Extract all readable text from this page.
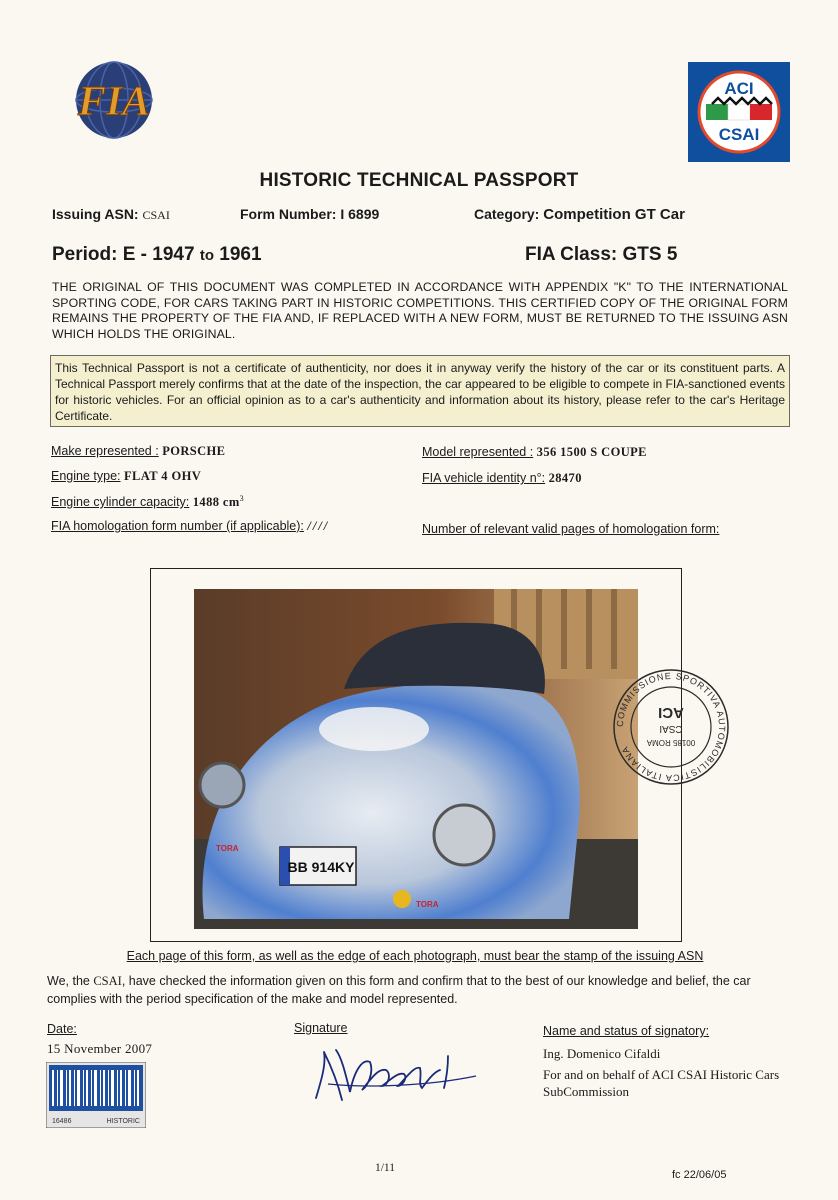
FIA	ACI
CSAI
HISTORIC TECHNICAL PASSPORT
Issuing ASN: CSAI	Form Number: I 6899	Category: Competition GT Car
Period: E - 1947 to 1961	FIA Class: GTS 5
THE ORIGINAL OF THIS DOCUMENT WAS COMPLETED IN ACCORDANCE WITH APPENDIX "K" TO THE INTERNATIONAL SPORTING CODE, FOR CARS TAKING PART IN HISTORIC COMPETITIONS. THIS CERTIFIED COPY OF THE ORIGINAL FORM REMAINS THE PROPERTY OF THE FIA AND, IF REPLACED WITH A NEW FORM, MUST BE RETURNED TO THE ISSUING ASN WHICH HOLDS THE ORIGINAL.
This Technical Passport is not a certificate of authenticity, nor does it in anyway verify the history of the car or its constituent parts. A Technical Passport merely confirms that at the date of the inspection, the car appeared to be eligible to compete in FIA-sanctioned events for historic vehicles. For an official opinion as to a car's authenticity and information about its history, please refer to the car's Heritage Certificate.
Make represented : PORSCHE	Model represented : 356 1500 S COUPE
Engine type: FLAT 4 OHV	FIA vehicle identity n°: 28470
Engine cylinder capacity: 1488 $cm^3$
FIA homologation form number (if applicable): ////	Number of relevant valid pages of homologation form:
BB 914KY
TORA
TORA
COMMISSIONE SPORTIVA AUTOMOBILISTICA ITALIANA
00185 ROMA
CSAI
ACI
Each page of this form, as well as the edge of each photograph, must bear the stamp of the issuing ASN
We, the CSAI, have checked the information given on this form and confirm that to the best of our knowledge and belief, the car complies with the period specification of the make and model represented.
Date:
15 November 2007
16486	HISTORIC
Signature	Name and status of signatory:
Ing. Domenico Cifaldi
For and on behalf of ACI CSAI Historic Cars SubCommission
1/11
fc 22/06/05
